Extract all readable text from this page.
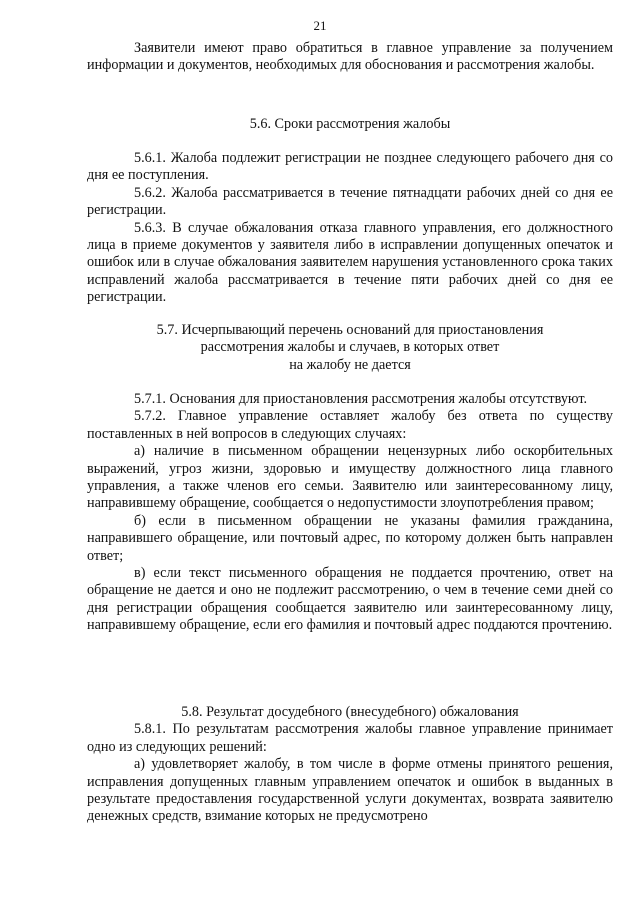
21

Заявители имеют право обратиться в главное управление за получением информации и документов, необходимых для обоснования и рассмотрения жалобы.

5.6. Сроки рассмотрения жалобы

5.6.1. Жалоба подлежит регистрации не позднее следующего рабочего дня со дня ее поступления.

5.6.2. Жалоба рассматривается в течение пятнадцати рабочих дней со дня ее регистрации.

5.6.3. В случае обжалования отказа главного управления, его должностного лица в приеме документов у заявителя либо в исправлении допущенных опечаток и ошибок или в случае обжалования заявителем нарушения установленного срока таких исправлений жалоба рассматривается в течение пяти рабочих дней со дня ее регистрации.

5.7. Исчерпывающий перечень оснований для приостановления

рассмотрения жалобы и случаев, в которых ответ

на жалобу не дается

5.7.1. Основания для приостановления рассмотрения жалобы отсутствуют.

5.7.2. Главное управление оставляет жалобу без ответа по существу поставленных в ней вопросов в следующих случаях:

а) наличие в письменном обращении нецензурных либо оскорбительных выражений, угроз жизни, здоровью и имуществу должностного лица главного управления, а также членов его семьи. Заявителю или заинтересованному лицу, направившему обращение, сообщается о недопустимости злоупотребления правом;

б) если в письменном обращении не указаны фамилия гражданина, направившего обращение, или почтовый адрес, по которому должен быть направлен ответ;

в) если текст письменного обращения не поддается прочтению, ответ на обращение не дается и оно не подлежит рассмотрению, о чем в течение семи дней со дня регистрации обращения сообщается заявителю или заинтересованному лицу, направившему обращение, если его фамилия и почтовый адрес поддаются прочтению.

5.8. Результат досудебного (внесудебного) обжалования

5.8.1. По результатам рассмотрения жалобы главное управление принимает одно из следующих решений:

а) удовлетворяет жалобу, в том числе в форме отмены принятого решения, исправления допущенных главным управлением опечаток и ошибок в выданных в результате предоставления государственной услуги документах, возврата заявителю денежных средств, взимание которых не предусмотрено
